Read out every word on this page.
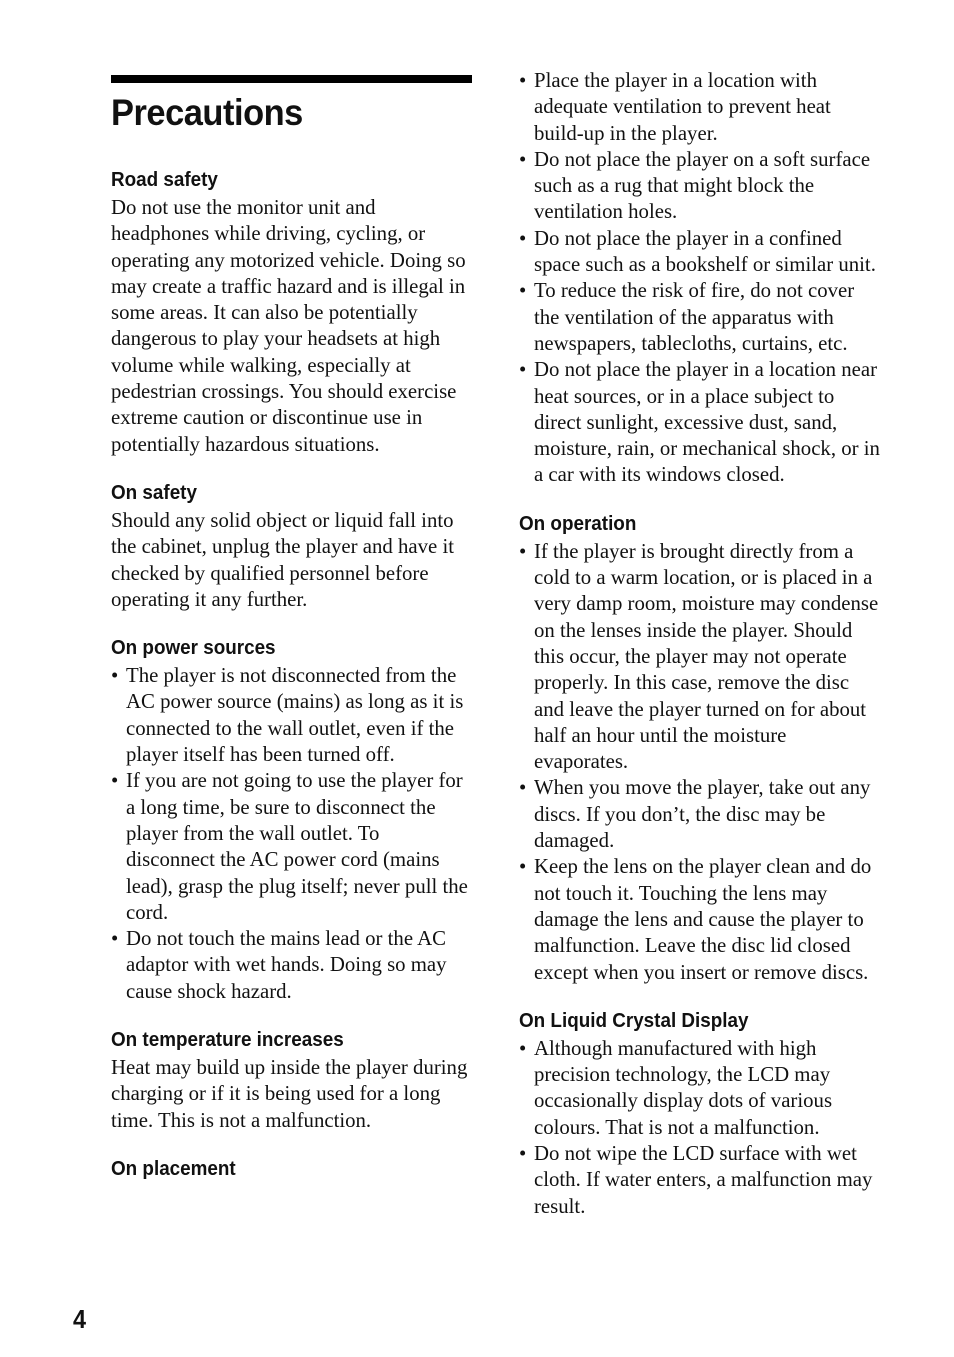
Precautions
Road safety

Do not use the monitor unit and headphones while driving, cycling, or operating any motorized vehicle. Doing so may create a traffic hazard and is illegal in some areas. It can also be potentially dangerous to play your headsets at high volume while walking, especially at pedestrian crossings. You should exercise extreme caution or discontinue use in potentially hazardous situations.

On safety

Should any solid object or liquid fall into the cabinet, unplug the player and have it checked by qualified personnel before operating it any further.

On power sources
• The player is not disconnected from the AC power source (mains) as long as it is connected to the wall outlet, even if the player itself has been turned off.
• If you are not going to use the player for a long time, be sure to disconnect the player from the wall outlet. To disconnect the AC power cord (mains lead), grasp the plug itself; never pull the cord.
• Do not touch the mains lead or the AC adaptor with wet hands. Doing so may cause shock hazard.
On temperature increases

Heat may build up inside the player during charging or if it is being used for a long time. This is not a malfunction.

On placement
• Place the player in a location with adequate ventilation to prevent heat build-up in the player.
• Do not place the player on a soft surface such as a rug that might block the ventilation holes.
• Do not place the player in a confined space such as a bookshelf or similar unit.
• To reduce the risk of fire, do not cover the ventilation of the apparatus with newspapers, tablecloths, curtains, etc.
• Do not place the player in a location near heat sources, or in a place subject to direct sunlight, excessive dust, sand, moisture, rain, or mechanical shock, or in a car with its windows closed.
On operation
• If the player is brought directly from a cold to a warm location, or is placed in a very damp room, moisture may condense on the lenses inside the player. Should this occur, the player may not operate properly. In this case, remove the disc and leave the player turned on for about half an hour until the moisture evaporates.
• When you move the player, take out any discs. If you don’t, the disc may be damaged.
• Keep the lens on the player clean and do not touch it. Touching the lens may damage the lens and cause the player to malfunction. Leave the disc lid closed except when you insert or remove discs.
On Liquid Crystal Display
• Although manufactured with high precision technology, the LCD may occasionally display dots of various colours. That is not a malfunction.
• Do not wipe the LCD surface with wet cloth. If water enters, a malfunction may result.
4
